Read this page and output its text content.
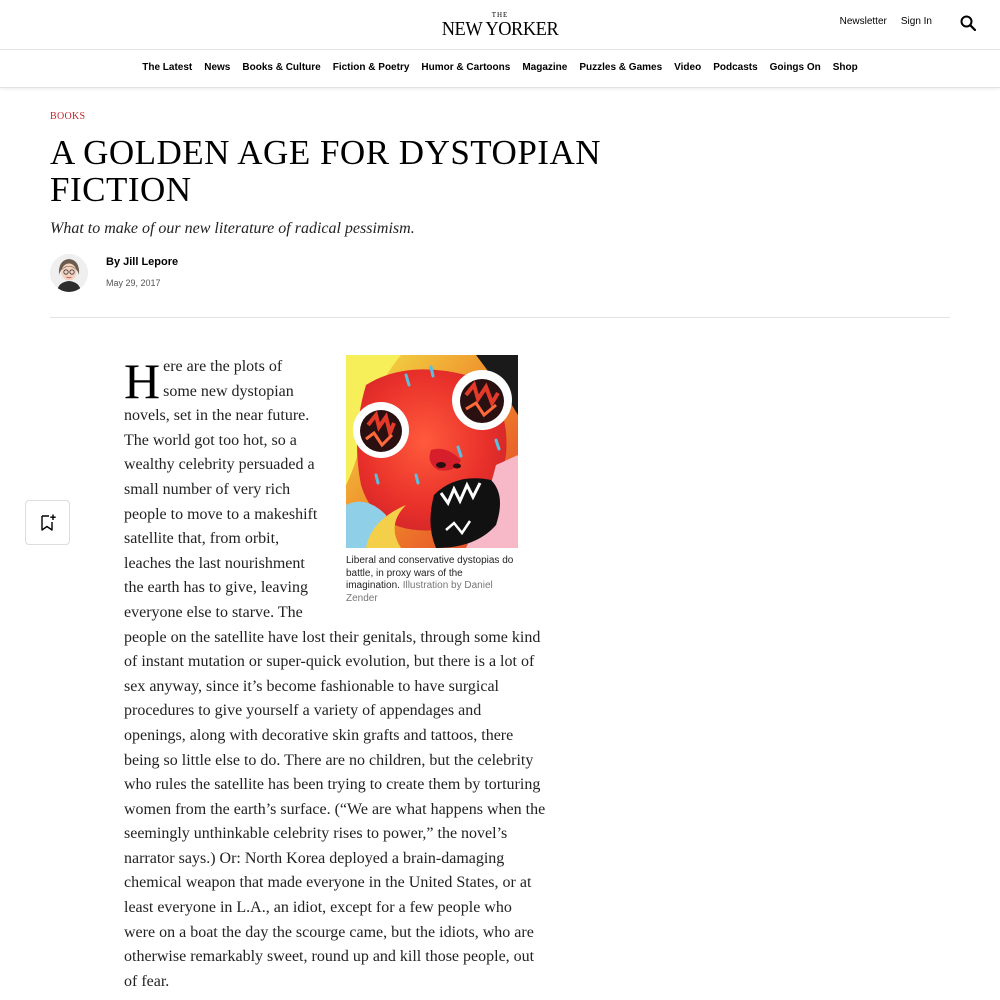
THE
NEW YORKER	Newsletter Sign In
The Latest News Books & Culture Fiction & Poetry Humor & Cartoons Magazine Puzzles & Games Video Podcasts Goings On Shop
BOOKS
A GOLDEN AGE FOR DYSTOPIAN FICTION
What to make of our new literature of radical pessimism.
By Jill Lepore
May 29, 2017

Here are the plots of some new dystopian novels, set in the near future. The world got too hot, so a wealthy celebrity persuaded a small number of very rich people to move to a makeshift satellite that, from orbit, leaches the last nourishment the earth has to give, leaving everyone else to starve. The people on the satellite have lost their genitals, through some kind of instant mutation or super-quick evolution, but there is a lot of sex anyway, since it’s become fashionable to have surgical procedures to give yourself a variety of appendages and openings, along with decorative skin grafts and tattoos, there being so little else to do. There are no children, but the celebrity who rules the satellite has been trying to create them by torturing women from the earth’s surface. (“We are what happens when the seemingly unthinkable celebrity rises to power,” the novel’s narrator says.) Or: North Korea deployed a brain-damaging chemical weapon that made everyone in the United States, or at least everyone in L.A., an idiot, except for a few people who were on a boat the day the scourge came, but the idiots, who are otherwise remarkably sweet, round up and kill those people, out of fear.

Liberal and conservative dystopias do battle, in proxy wars of the imagination. Illustration by Daniel Zender
